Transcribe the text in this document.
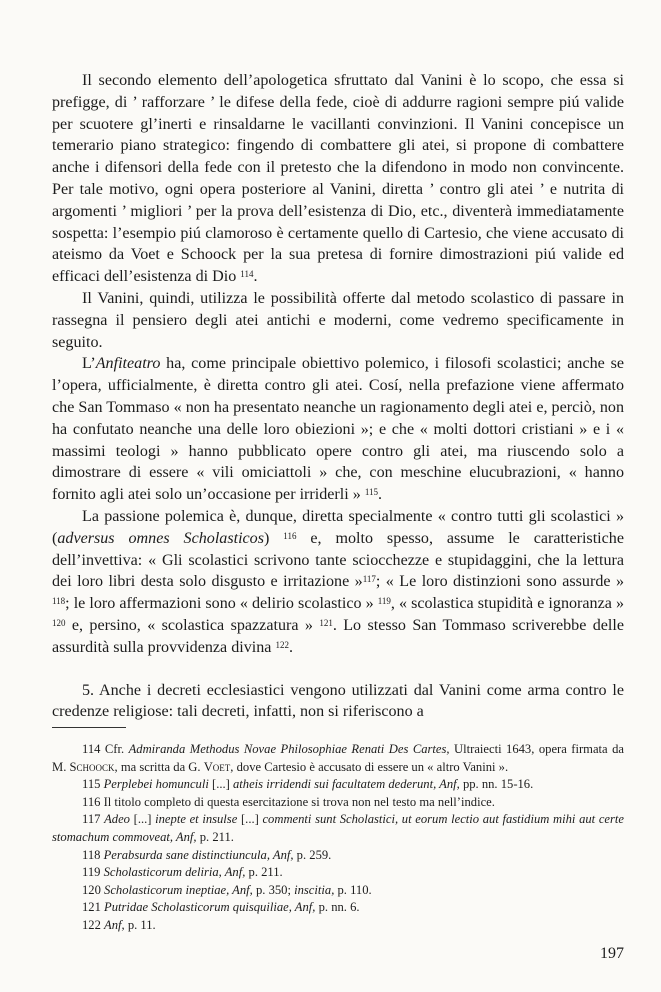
Il secondo elemento dell’apologetica sfruttato dal Vanini è lo scopo, che essa si prefigge, di ’ rafforzare ’ le difese della fede, cioè di addurre ragioni sempre piú valide per scuotere gl’inerti e rinsaldarne le vacillanti convinzioni. Il Vanini concepisce un temerario piano strategico: fingendo di combattere gli atei, si propone di combattere anche i difensori della fede con il pretesto che la difendono in modo non convincente. Per tale motivo, ogni opera posteriore al Vanini, diretta ’ contro gli atei ’ e nutrita di argomenti ’ migliori ’ per la prova dell’esistenza di Dio, etc., diventerà immediatamente sospetta: l’esempio piú clamoroso è certamente quello di Cartesio, che viene accusato di ateismo da Voet e Schoock per la sua pretesa di fornire dimostrazioni piú valide ed efficaci dell’esistenza di Dio $^{114}$.

Il Vanini, quindi, utilizza le possibilità offerte dal metodo scolastico di passare in rassegna il pensiero degli atei antichi e moderni, come vedremo specificamente in seguito.

L’Anfiteatro ha, come principale obiettivo polemico, i filosofi scolastici; anche se l’opera, ufficialmente, è diretta contro gli atei. Cosí, nella prefazione viene affermato che San Tommaso « non ha presentato neanche un ragionamento degli atei e, perciò, non ha confutato neanche una delle loro obiezioni »; e che « molti dottori cristiani » e i « massimi teologi » hanno pubblicato opere contro gli atei, ma riuscendo solo a dimostrare di essere « vili omiciattoli » che, con meschine elucubrazioni, « hanno fornito agli atei solo un’occasione per irriderli » $^{115}$.

La passione polemica è, dunque, diretta specialmente « contro tutti gli scolastici » (adversus omnes Scholasticos) $^{116}$ e, molto spesso, assume le caratteristiche dell’invettiva: « Gli scolastici scrivono tante sciocchezze e stupidaggini, che la lettura dei loro libri desta solo disgusto e irritazione »$^{117}$; « Le loro distinzioni sono assurde » $^{118}$; le loro affermazioni sono « delirio scolastico » $^{119}$, « scolastica stupidità e ignoranza » $^{120}$ e, persino, « scolastica spazzatura » $^{121}$. Lo stesso San Tommaso scriverebbe delle assurdità sulla provvidenza divina $^{122}$.

5. Anche i decreti ecclesiastici vengono utilizzati dal Vanini come arma contro le credenze religiose: tali decreti, infatti, non si riferiscono a

114 Cfr. Admiranda Methodus Novae Philosophiae Renati Des Cartes, Ultraiecti 1643, opera firmata da M. Schoock, ma scritta da G. Voet, dove Cartesio è accusato di essere un « altro Vanini ».

115 Perplebei homunculi [...] atheis irridendi sui facultatem dederunt, Anf, pp. nn. 15-16.

116 Il titolo completo di questa esercitazione si trova non nel testo ma nell’indice.

117 Adeo [...] inepte et insulse [...] commenti sunt Scholastici, ut eorum lectio aut fastidium mihi aut certe stomachum commoveat, Anf, p. 211.

118 Perabsurda sane distinctiuncula, Anf, p. 259.

119 Scholasticorum deliria, Anf, p. 211.

120 Scholasticorum ineptiae, Anf, p. 350; inscitia, p. 110.

121 Putridae Scholasticorum quisquiliae, Anf, p. nn. 6.

122 Anf, p. 11.

197
